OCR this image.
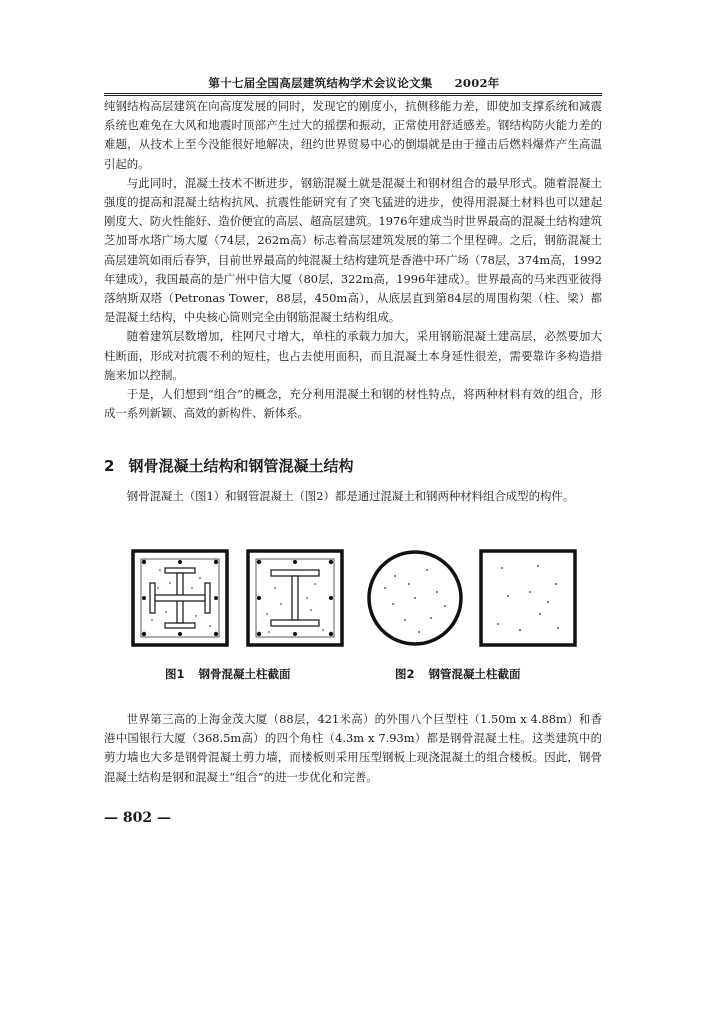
第十七届全国高层建筑结构学术会议论文集 2002年

纯钢结构高层建筑在向高度发展的同时，发现它的刚度小，抗侧移能力差，即使加支撑系统和减震系统也难免在大风和地震时顶部产生过大的摇摆和振动，正常使用舒适感差。钢结构防火能力差的难题，从技术上至今没能很好地解决，纽约世界贸易中心的倒塌就是由于撞击后燃料爆炸产生高温引起的。

与此同时，混凝土技术不断进步，钢筋混凝土就是混凝土和钢材组合的最早形式。随着混凝土强度的提高和混凝土结构抗风、抗震性能研究有了突飞猛进的进步，使得用混凝土材料也可以建起刚度大、防火性能好、造价便宜的高层、超高层建筑。1976年建成当时世界最高的混凝土结构建筑芝加哥水塔广场大厦（74层，262m高）标志着高层建筑发展的第二个里程碑。之后，钢筋混凝土高层建筑如雨后春笋，目前世界最高的纯混凝土结构建筑是香港中环广场（78层，374m高，1992年建成），我国最高的是广州中信大厦（80层，322m高，1996年建成）。世界最高的马来西亚彼得落纳斯双塔（Petronas Tower，88层，450m高），从底层直到第84层的周围构架（柱、梁）都是混凝土结构，中央核心筒则完全由钢筋混凝土结构组成。

随着建筑层数增加，柱网尺寸增大，单柱的承载力加大，采用钢筋混凝土建高层，必然要加大柱断面，形成对抗震不利的短柱，也占去使用面积，而且混凝土本身延性很差，需要靠许多构造措施来加以控制。

于是，人们想到“组合”的概念，充分利用混凝土和钢的材性特点，将两种材料有效的组合，形成一系列新颖、高效的新构件、新体系。

2 钢骨混凝土结构和钢管混凝土结构
钢骨混凝土（图1）和钢管混凝土（图2）都是通过混凝土和钢两种材料组合成型的构件。
图1 钢骨混凝土柱截面	图2 钢管混凝土柱截面

世界第三高的上海金茂大厦（88层，421米高）的外围八个巨型柱（1.50m x 4.88m）和香港中国银行大厦（368.5m高）的四个角柱（4.3m x 7.93m）都是钢骨混凝土柱。这类建筑中的剪力墙也大多是钢骨混凝土剪力墙，而楼板则采用压型钢板上现浇混凝土的组合楼板。因此，钢骨混凝土结构是钢和混凝土“组合”的进一步优化和完善。

— 802 —
